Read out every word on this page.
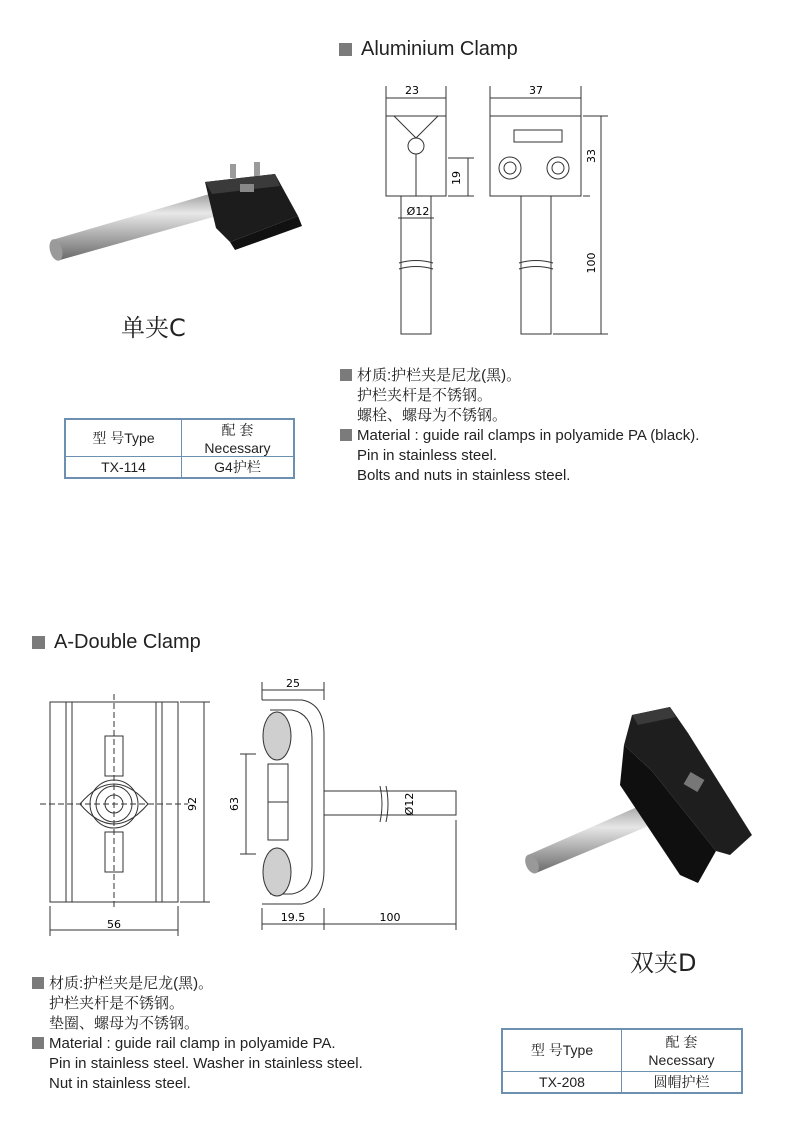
Aluminium Clamp
单夹C
23	37
19
33
Ø12
100
材质:护栏夹是尼龙(黑)。
护栏夹杆是不锈钢。
螺栓、螺母为不锈钢。
Material : guide rail clamps in polyamide PA (black).
Pin in stainless steel.
Bolts and nuts in stainless steel.
型 号Type	配 套
Necessary

TX-114	G4护栏
A-Double Clamp
92
56
25
63	Ø12
19.5	100
双夹D
材质:护栏夹是尼龙(黑)。
护栏夹杆是不锈钢。
垫圈、螺母为不锈钢。
Material : guide rail clamp in polyamide PA.
Pin in stainless steel. Washer in stainless steel.
Nut in stainless steel.
型 号Type	配 套
Necessary

TX-208	圆帽护栏
